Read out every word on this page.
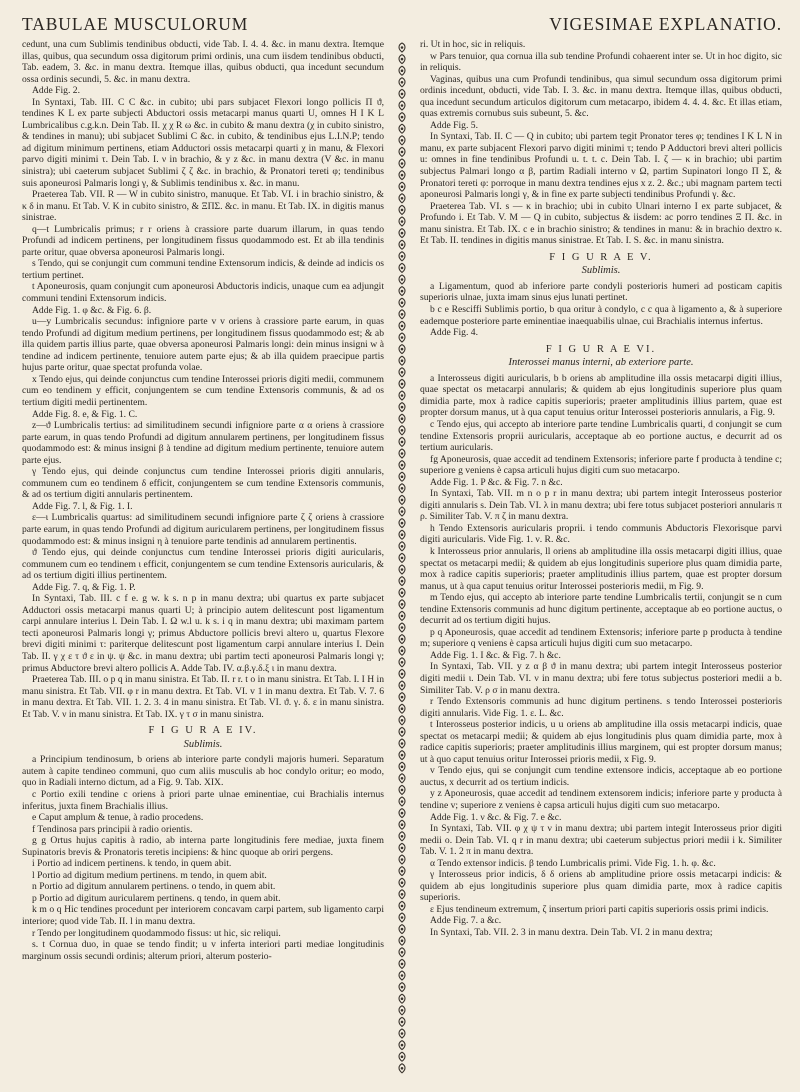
TABULAE MUSCULORUM	VIGESIMAE EXPLANATIO.

cedunt, una cum Sublimis tendinibus obducti, vide Tab. I. 4. 4. &c. in manu dextra. Itemque illas, quibus, qua secundum ossa digitorum primi ordinis, una cum iisdem tendinibus obducti, Tab. eadem, 3. &c. in manu dextra. Itemque illas, quibus obducti, qua incedunt secundum ossa ordinis secundi, 5. &c. in manu dextra.

Adde Fig. 2.

In Syntaxi, Tab. III. C C &c. in cubito; ubi pars subjacet Flexori longo pollicis Π ϑ, tendines K L ex parte subjecti Abductori ossis metacarpi manus quarti U, omnes H I K L Lumbricalibus c.g.k.n. Dein Tab. II. χ χ R ω &c. in cubito & manu dextra (χ in cubito sinistro, & tendines in manu); ubi subjacet Sublimi C &c. in cubito, & tendinibus ejus L.I.N.P; tendo ad digitum minimum pertinens, etiam Adductori ossis metacarpi quarti χ in manu, & Flexori parvo digiti minimi τ. Dein Tab. I. ν in brachio, & y z &c. in manu dextra (V &c. in manu sinistra); ubi caeterum subjacet Sublimi ζ ζ &c. in brachio, & Pronatori tereti φ; tendinibus suis aponeurosi Palmaris longi γ, & Sublimis tendinibus x. &c. in manu.

Praeterea Tab. VII. R — W in cubito sinistro, manuque. Et Tab. VI. i in brachio sinistro, & κ δ in manu. Et Tab. V. K in cubito sinistro, & ΞΠΣ. &c. in manu. Et Tab. IX. in digitis manus sinistrae.

q—t Lumbricalis primus; r r oriens à crassiore parte duarum illarum, in quas tendo Profundi ad indicem pertinens, per longitudinem fissus quodammodo est. Et ab illa tendinis parte oritur, quae obversa aponeurosi Palmaris longi.

s Tendo, qui se conjungit cum communi tendine Extensorum indicis, & deinde ad indicis os tertium pertinet.

t Aponeurosis, quam conjungit cum aponeurosi Abductoris indicis, unaque cum ea adjungit communi tendini Extensorum indicis.

Adde Fig. 1. φ &c. & Fig. 6. β.

u—y Lumbricalis secundus: infigniore parte v v oriens à crassiore parte earum, in quas tendo Profundi ad digitum medium pertinens, per longitudinem fissus quodammodo est; & ab illa quidem partis illius parte, quae obversa aponeurosi Palmaris longi: dein minus insigni w à tendine ad indicem pertinente, tenuiore autem parte ejus; & ab illa quidem praecipue partis hujus parte oritur, quae spectat profunda volae.

x Tendo ejus, qui deinde conjunctus cum tendine Interossei prioris digiti medii, communem cum eo tendinem y efficit, conjungentem se cum tendine Extensoris communis, & ad os tertium digiti medii pertinentem.

Adde Fig. 8. e, & Fig. 1. C.

z—ϑ Lumbricalis tertius: ad similitudinem secundi infigniore parte α α oriens à crassiore parte earum, in quas tendo Profundi ad digitum annularem pertinens, per longitudinem fissus quodammodo est: & minus insigni β à tendine ad digitum medium pertinente, tenuiore autem parte ejus.

γ Tendo ejus, qui deinde conjunctus cum tendine Interossei prioris digiti annularis, communem cum eo tendinem δ efficit, conjungentem se cum tendine Extensoris communis, & ad os tertium digiti annularis pertinentem.

Adde Fig. 7. l, & Fig. 1. I.

ε—ι Lumbricalis quartus: ad similitudinem secundi infigniore parte ζ ζ oriens à crassiore parte earum, in quas tendo Profundi ad digitum auricularem pertinens, per longitudinem fissus quodammodo est: & minus insigni η à tenuiore parte tendinis ad annularem pertinentis.

ϑ Tendo ejus, qui deinde conjunctus cum tendine Interossei prioris digiti auricularis, communem cum eo tendinem ι efficit, conjungentem se cum tendine Extensoris auricularis, & ad os tertium digiti illius pertinentem.

Adde Fig. 7. q, & Fig. 1. P.

In Syntaxi, Tab. III. c f e. g w. k s. n p in manu dextra; ubi quartus ex parte subjacet Adductori ossis metacarpi manus quarti U; à principio autem delitescunt post ligamentum carpi annulare interius l. Dein Tab. I. Ω w.l u. k s. i q in manu dextra; ubi maximam partem tecti aponeurosi Palmaris longi γ; primus Abductore pollicis brevi altero u, quartus Flexore brevi digiti minimi τ: pariterque delitescunt post ligamentum carpi annulare interius I. Dein Tab. II. γ χ ε τ ϑ ε in ψ. ψ &c. in manu dextra; ubi partim tecti aponeurosi Palmaris longi γ; primus Abductore brevi altero pollicis A. Adde Tab. IV. α.β.γ.δ.ξ ι in manu dextra.

Praeterea Tab. III. o p q in manu sinistra. Et Tab. II. r r. t o in manu sinistra. Et Tab. I. I H in manu sinistra. Et Tab. VII. φ r in manu dextra. Et Tab. VI. v 1 in manu dextra. Et Tab. V. 7. 6 in manu dextra. Et Tab. VII. 1. 2. 3. 4 in manu sinistra. Et Tab. VI. ϑ. γ. δ. ε in manu sinistra. Et Tab. V. ν in manu sinistra. Et Tab. IX. γ τ σ in manu sinistra.

F I G U R A E IV.
Sublimis.

a Principium tendinosum, b oriens ab interiore parte condyli majoris humeri. Separatum autem à capite tendineo communi, quo cum aliis musculis ab hoc condylo oritur; eo modo, quo in Radiali interno dictum, ad a Fig. 9. Tab. XIX.

c Portio exili tendine c oriens à priori parte ulnae eminentiae, cui Brachialis internus inferitus, juxta finem Brachialis illius.

e Caput amplum & tenue, à radio procedens.

f Tendinosa pars principii à radio orientis.

g g Ortus hujus capitis à radio, ab interna parte longitudinis fere mediae, juxta finem Supinatoris brevis & Pronatoris teretis incipiens: & hinc quoque ab oriri pergens.

i Portio ad indicem pertinens. k tendo, in quem abit.

l Portio ad digitum medium pertinens. m tendo, in quem abit.

n Portio ad digitum annularem pertinens. o tendo, in quem abit.

p Portio ad digitum auricularem pertinens. q tendo, in quem abit.

k m o q Hic tendines procedunt per interiorem concavam carpi partem, sub ligamento carpi interiore; quod vide Tab. II. l in manu dextra.

r Tendo per longitudinem quodammodo fissus: ut hic, sic reliqui.

s. t Cornua duo, in quae se tendo findit; u v inferta interiori parti mediae longitudinis marginum ossis secundi ordinis; alterum priori, alterum posterio-

ri. Ut in hoc, sic in reliquis.

w Pars tenuior, qua cornua illa sub tendine Profundi cohaerent inter se. Ut in hoc digito, sic in reliquis.

Vaginas, quibus una cum Profundi tendinibus, qua simul secundum ossa digitorum primi ordinis incedunt, obducti, vide Tab. I. 3. &c. in manu dextra. Itemque illas, quibus obducti, qua incedunt secundum articulos digitorum cum metacarpo, ibidem 4. 4. 4. &c. Et illas etiam, quas extremis cornubus suis subeunt, 5. &c.

Adde Fig. 5.

In Syntaxi, Tab. II. C — Q in cubito; ubi partem tegit Pronator teres φ; tendines I K L N in manu, ex parte subjacent Flexori parvo digiti minimi τ; tendo P Adductori brevi alteri pollicis u: omnes in fine tendinibus Profundi u. t. t. c. Dein Tab. I. ζ — κ in brachio; ubi partim subjectus Palmari longo α β, partim Radiali interno ν Ω, partim Supinatori longo Π Σ, & Pronatori tereti φ: porroque in manu dextra tendines ejus x z. 2. &c.; ubi magnam partem tecti aponeurosi Palmaris longi γ, & in fine ex parte subjecti tendinibus Profundi γ. &c.

Praeterea Tab. VI. s — κ in brachio; ubi in cubito Ulnari interno I ex parte subjacet, & Profundo i. Et Tab. V. M — Q in cubito, subjectus & iisdem: ac porro tendines Ξ Π. &c. in manu sinistra. Et Tab. IX. c e in brachio sinistro; & tendines in manu: & in brachio dextro κ. Et Tab. II. tendines in digitis manus sinistrae. Et Tab. I. S. &c. in manu sinistra.

F I G U R A E V.
Sublimis.

a Ligamentum, quod ab inferiore parte condyli posterioris humeri ad posticam capitis superioris ulnae, juxta imam sinus ejus lunati pertinet.

b c e Resciffi Sublimis portio, b qua oritur à condylo, c c qua à ligamento a, & à superiore eademque posteriore parte eminentiae inaequabilis ulnae, cui Brachialis internus infertus.

Adde Fig. 4.

F I G U R A E VI.
Interossei manus interni, ab exteriore parte.

a Interosseus digiti auricularis, b b oriens ab amplitudine illa ossis metacarpi digiti illius, quae spectat os metacarpi annularis; & quidem ab ejus longitudinis superiore plus quam dimidia parte, mox à radice capitis superioris; praeter amplitudinis illius partem, quae est propter dorsum manus, ut à qua caput tenuius oritur Interossei posterioris annularis, a Fig. 9.

c Tendo ejus, qui accepto ab interiore parte tendine Lumbricalis quarti, d conjungit se cum tendine Extensoris proprii auricularis, acceptaque ab eo portione auctus, e decurrit ad os tertium auricularis.

fg Aponeurosis, quae accedit ad tendinem Extensoris; inferiore parte f producta à tendine c; superiore g veniens è capsa articuli hujus digiti cum suo metacarpo.

Adde Fig. 1. P &c. & Fig. 7. n &c.

In Syntaxi, Tab. VII. m n o p r in manu dextra; ubi partem integit Interosseus posterior digiti annularis s. Dein Tab. VI. λ in manu dextra; ubi fere totus subjacet posteriori annularis π ρ. Similiter Tab. V. π ζ in manu dextra.

h Tendo Extensoris auricularis proprii. i tendo communis Abductoris Flexorisque parvi digiti auricularis. Vide Fig. 1. ν. R. &c.

k Interosseus prior annularis, ll oriens ab amplitudine illa ossis metacarpi digiti illius, quae spectat os metacarpi medii; & quidem ab ejus longitudinis superiore plus quam dimidia parte, mox à radice capitis superioris; praeter amplitudinis illius partem, quae est propter dorsum manus, ut à qua caput tenuius oritur Interossei posterioris medii, m Fig. 9.

m Tendo ejus, qui accepto ab interiore parte tendine Lumbricalis tertii, conjungit se n cum tendine Extensoris communis ad hunc digitum pertinente, acceptaque ab eo portione auctus, o decurrit ad os tertium digiti hujus.

p q Aponeurosis, quae accedit ad tendinem Extensoris; inferiore parte p producta à tendine m; superiore q veniens è capsa articuli hujus digiti cum suo metacarpo.

Adde Fig. 1. I &c. & Fig. 7. h &c.

In Syntaxi, Tab. VII. y z α β ϑ in manu dextra; ubi partem integit Interosseus posterior digiti medii ι. Dein Tab. VI. ν in manu dextra; ubi fere totus subjectus posteriori medii a b. Similiter Tab. V. ρ σ in manu dextra.

r Tendo Extensoris communis ad hunc digitum pertinens. s tendo Interossei posterioris digiti annularis. Vide Fig. 1. ε. L. &c.

t Interosseus posterior indicis, u u oriens ab amplitudine illa ossis metacarpi indicis, quae spectat os metacarpi medii; & quidem ab ejus longitudinis plus quam dimidia parte, mox à radice capitis superioris; praeter amplitudinis illius marginem, qui est propter dorsum manus; ut à quo caput tenuius oritur Interossei prioris medii, x Fig. 9.

v Tendo ejus, qui se conjungit cum tendine extensore indicis, acceptaque ab eo portione auctus, x decurrit ad os tertium indicis.

y z Aponeurosis, quae accedit ad tendinem extensorem indicis; inferiore parte y producta à tendine v; superiore z veniens è capsa articuli hujus digiti cum suo metacarpo.

Adde Fig. 1. ν &c. & Fig. 7. e &c.

In Syntaxi, Tab. VII. φ χ ψ τ ν in manu dextra; ubi partem integit Interosseus prior digiti medii ο. Dein Tab. VI. q r in manu dextra; ubi caeterum subjectus priori medii i k. Similiter Tab. V. 1. 2 π in manu dextra.

α Tendo extensor indicis. β tendo Lumbricalis primi. Vide Fig. 1. h. φ. &c.

γ Interosseus prior indicis, δ δ oriens ab amplitudine priore ossis metacarpi indicis: & quidem ab ejus longitudinis superiore plus quam dimidia parte, mox à radice capitis superioris.

ε Ejus tendineum extremum, ζ insertum priori parti capitis superioris ossis primi indicis.

Adde Fig. 7. a &c.

In Syntaxi, Tab. VII. 2. 3 in manu dextra. Dein Tab. VI. 2 in manu dextra;
